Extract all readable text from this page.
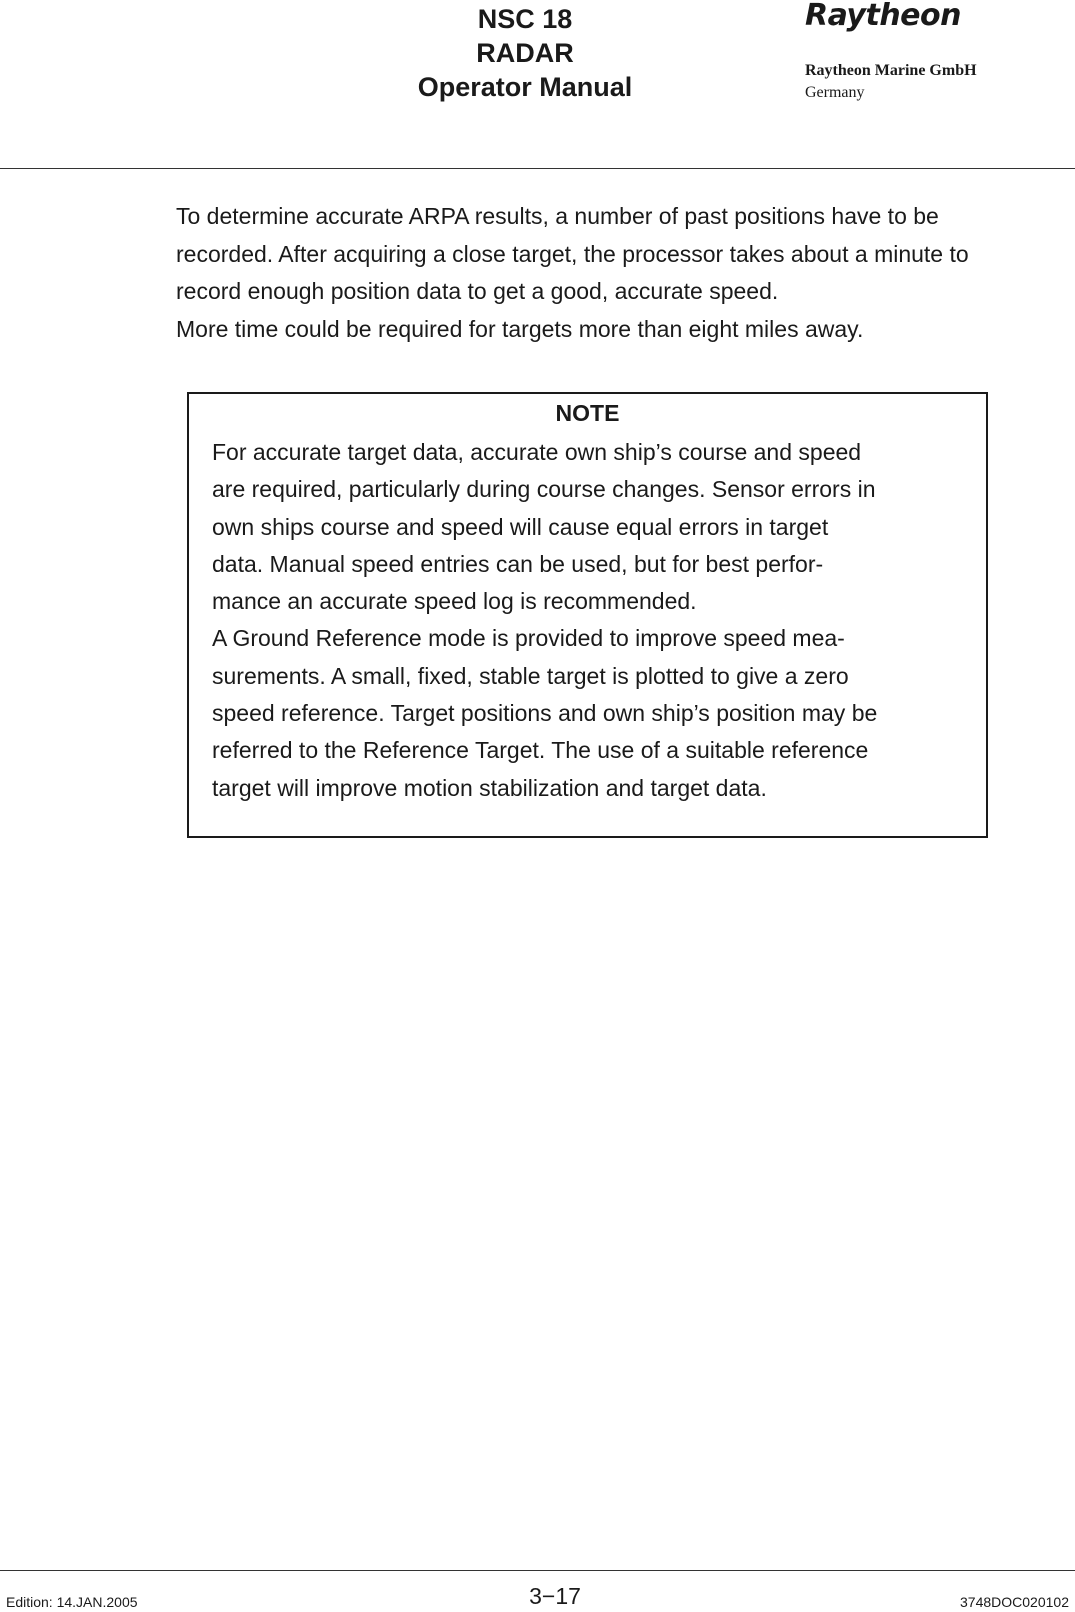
NSC 18
RADAR
Operator Manual
Raytheon
Raytheon Marine GmbH
Germany
To determine accurate ARPA results, a number of past positions have to be
recorded. After acquiring a close target, the processor takes about a minute to
record enough position data to get a good, accurate speed.
More time could be required for targets more than eight miles away.
NOTE
For accurate target data, accurate own ship’s course and speed
are required, particularly during course changes. Sensor errors in
own ships course and speed will cause equal errors in target
data. Manual speed entries can be used, but for best perfor-
mance an accurate speed log is recommended.
A Ground Reference mode is provided to improve speed mea-
surements. A small, fixed, stable target is plotted to give a zero
speed reference. Target positions and own ship’s position may be
referred to the Reference Target. The use of a suitable reference
target will improve motion stabilization and target data.
Edition: 14.JAN.2005	3−17	3748DOC020102
